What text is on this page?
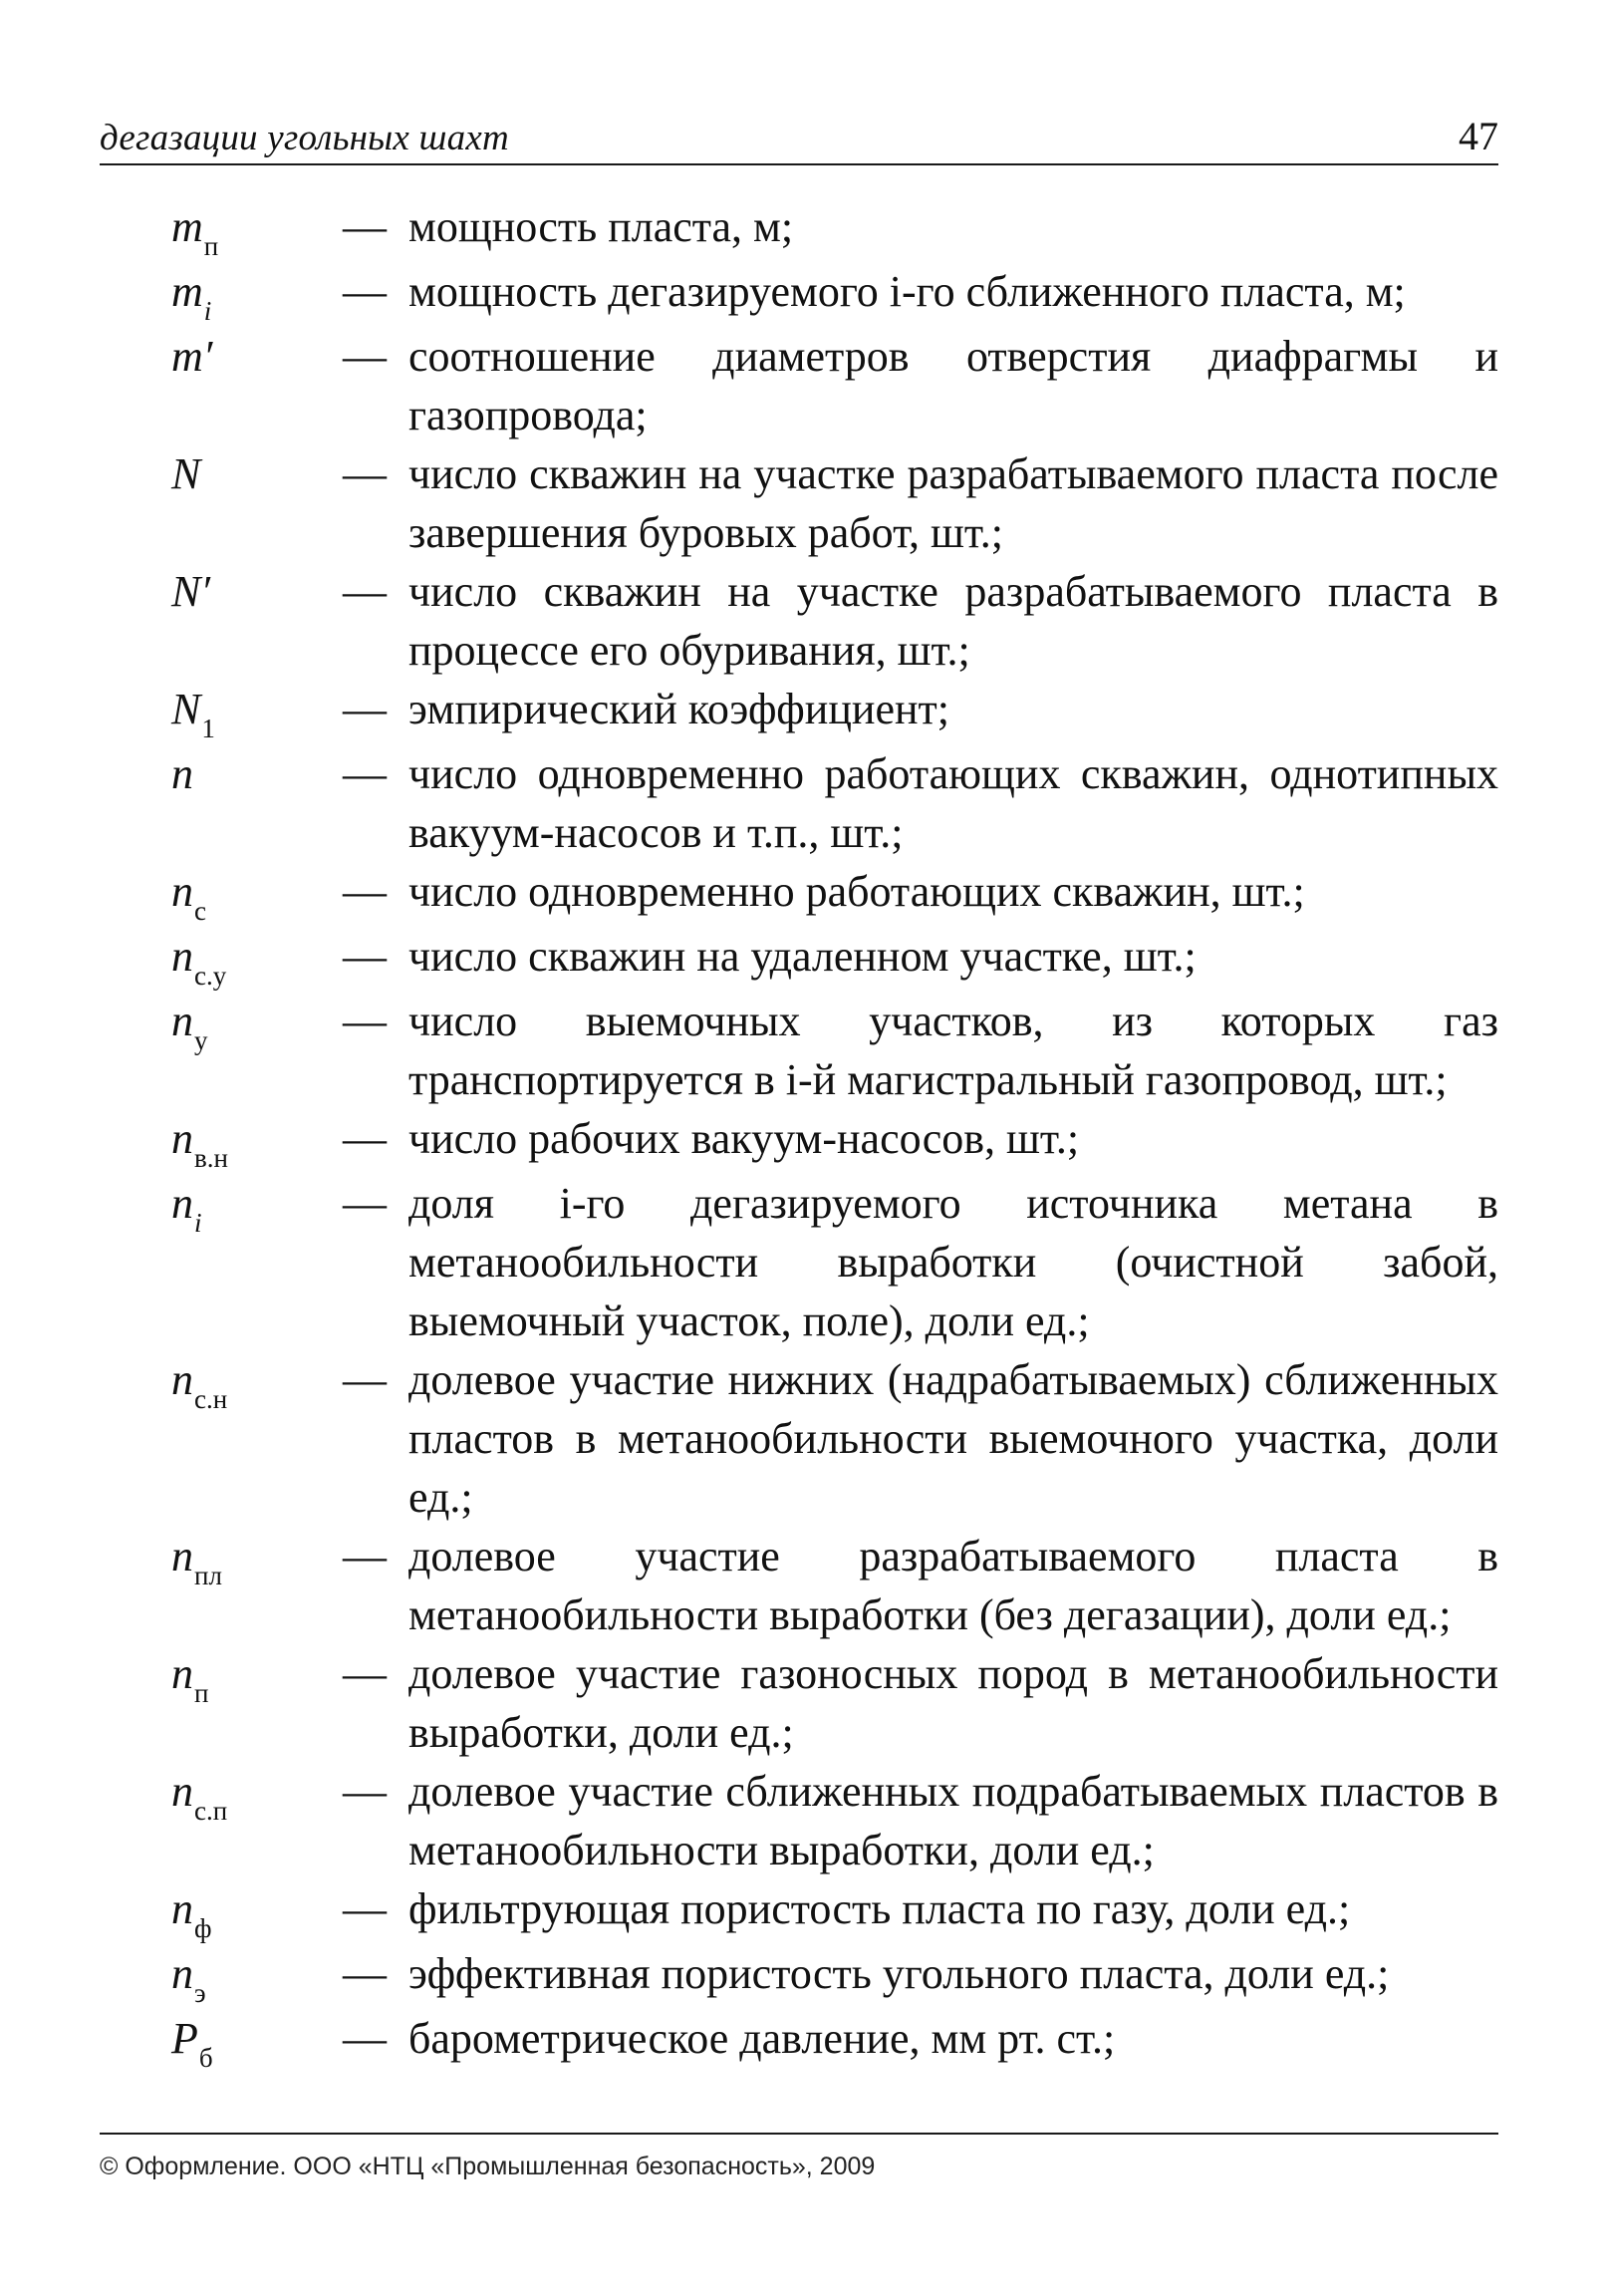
дегазации угольных шахт	47
$m_п$	— мощность пласта, м;
$m_i$	— мощность дегазируемого i-го сближенного пласта, м;
m′	— соотношение диаметров отверстия диафрагмы и газопровода;
N	— число скважин на участке разрабатываемого пласта после завершения буровых работ, шт.;
N′	— число скважин на участке разрабатываемого пласта в процессе его обуривания, шт.;
$N_1$	— эмпирический коэффициент;
n	— число одновременно работающих скважин, однотипных вакуум-насосов и т.п., шт.;
$n_с$	— число одновременно работающих скважин, шт.;
$n_{с.у}$	— число скважин на удаленном участке, шт.;
$n_у$	— число выемочных участков, из которых газ транспортируется в i-й магистральный газопровод, шт.;
$n_{в.н}$	— число рабочих вакуум-насосов, шт.;
$n_i$	— доля i-го дегазируемого источника метана в метанообильности выработки (очистной забой, выемочный участок, поле), доли ед.;
$n_{с.н}$	— долевое участие нижних (надрабатываемых) сближенных пластов в метанообильности выемочного участка, доли ед.;
$n_{пл}$	— долевое участие разрабатываемого пласта в метанообильности выработки (без дегазации), доли ед.;
$n_п$	— долевое участие газоносных пород в метанообильности выработки, доли ед.;
$n_{с.п}$	— долевое участие сближенных подрабатываемых пластов в метанообильности выработки, доли ед.;
$n_ф$	— фильтрующая пористость пласта по газу, доли ед.;
$n_э$	— эффективная пористость угольного пласта, доли ед.;
$P_б$	— барометрическое давление, мм рт. ст.;
© Оформление. ООО «НТЦ «Промышленная безопасность», 2009
